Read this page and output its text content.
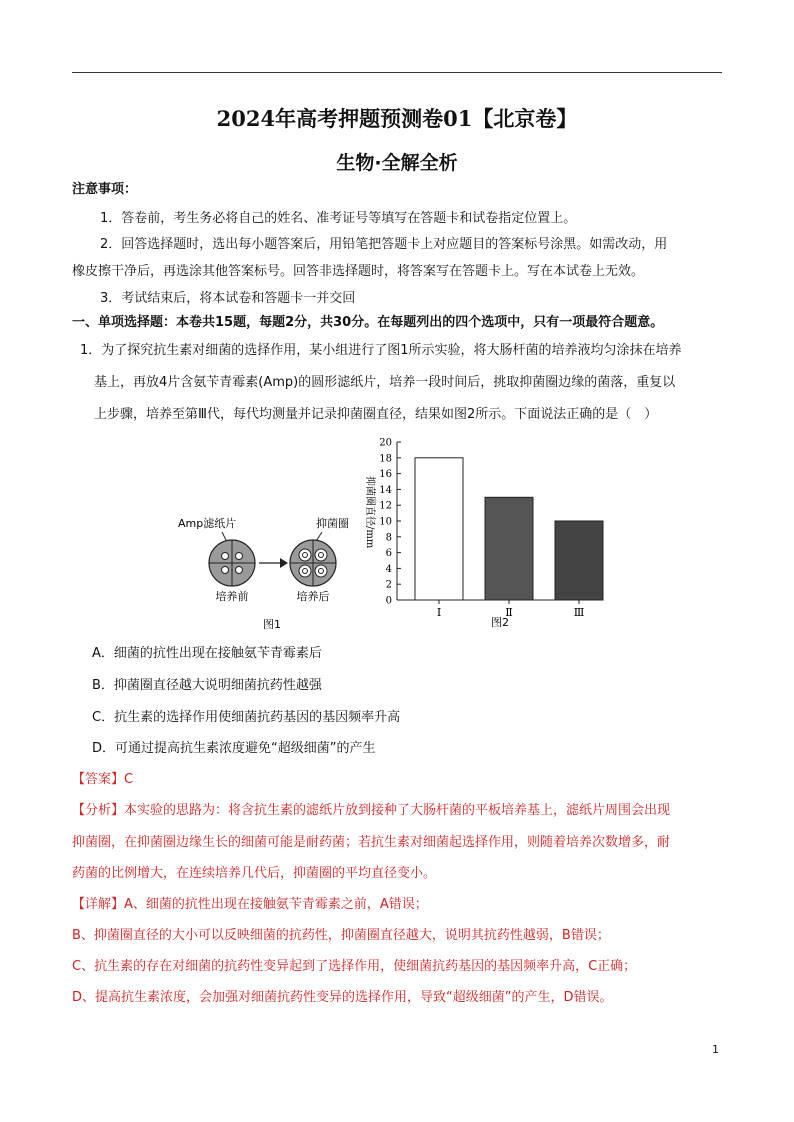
2024年高考押题预测卷01【北京卷】
生物·全解全析
注意事项：
1．答卷前，考生务必将自己的姓名、准考证号等填写在答题卡和试卷指定位置上。
2．回答选择题时，选出每小题答案后，用铅笔把答题卡上对应题目的答案标号涂黑。如需改动，用
橡皮擦干净后，再选涂其他答案标号。回答非选择题时，将答案写在答题卡上。写在本试卷上无效。
3．考试结束后，将本试卷和答题卡一并交回
一、单项选择题：本卷共15题，每题2分，共30分。在每题列出的四个选项中，只有一项最符合题意。
1．为了探究抗生素对细菌的选择作用，某小组进行了图1所示实验，将大肠杆菌的培养液均匀涂抹在培养
基上，再放4片含氨苄青霉素(Amp)的圆形滤纸片，培养一段时间后，挑取抑菌圈边缘的菌落，重复以
上步骤，培养至第Ⅲ代，每代均测量并记录抑菌圈直径，结果如图2所示。下面说法正确的是（　）
Amp滤纸片	抑菌圈
培养前	培养后
图1
0
2
4
6
8
10
12
14
16
18
20
Ⅰ	Ⅱ	Ⅲ
抑菌圈直径/mm
图2
A．细菌的抗性出现在接触氨苄青霉素后
B．抑菌圈直径越大说明细菌抗药性越强
C．抗生素的选择作用使细菌抗药基因的基因频率升高
D．可通过提高抗生素浓度避免“超级细菌”的产生
【答案】C
【分析】本实验的思路为：将含抗生素的滤纸片放到接种了大肠杆菌的平板培养基上，滤纸片周围会出现
抑菌圈，在抑菌圈边缘生长的细菌可能是耐药菌；若抗生素对细菌起选择作用，则随着培养次数增多，耐
药菌的比例增大，在连续培养几代后，抑菌圈的平均直径变小。
【详解】A、细菌的抗性出现在接触氨苄青霉素之前，A错误；
B、抑菌圈直径的大小可以反映细菌的抗药性，抑菌圈直径越大，说明其抗药性越弱，B错误；
C、抗生素的存在对细菌的抗药性变异起到了选择作用，使细菌抗药基因的基因频率升高，C正确；
D、提高抗生素浓度，会加强对细菌抗药性变异的选择作用，导致“超级细菌”的产生，D错误。
1
